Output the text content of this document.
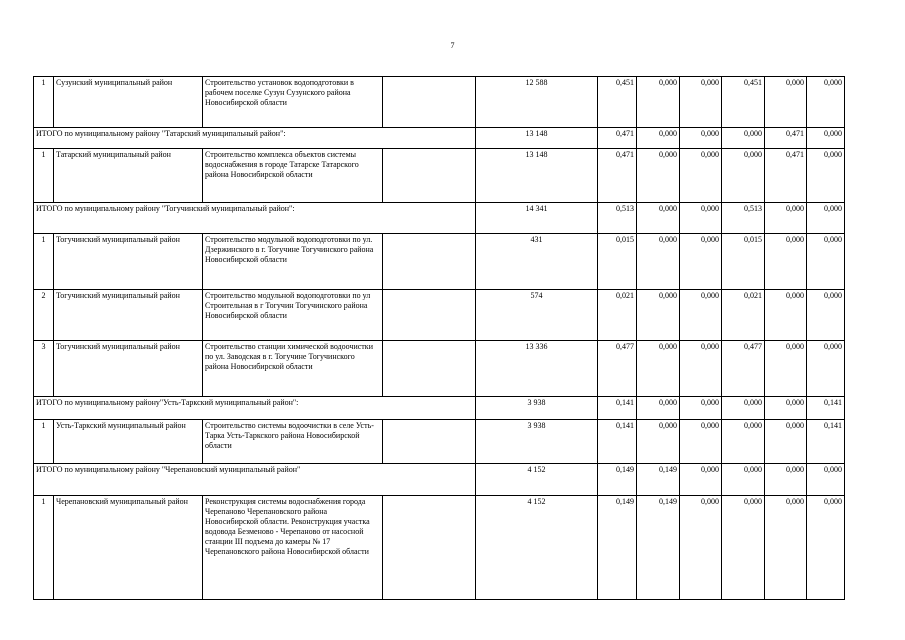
7
1	Сузунский муниципальный район	Строительство установок водоподготовки в рабочем поселке Сузун Сузунского района Новосибирской области		12 588	0,451	0,000	0,000	0,451	0,000	0,000	
ИТОГО по муниципальному району "Татарский муниципальный район":				13 148	0,471	0,000	0,000	0,000	0,471	0,000	
1	Татарский муниципальный район	Строительство комплекса объектов системы водоснабжения в городе Татарске Татарского района Новосибирской области		13 148	0,471	0,000	0,000	0,000	0,471	0,000	
ИТОГО по муниципальному району "Тогучинский муниципальный район":				14 341	0,513	0,000	0,000	0,513	0,000	0,000	
1	Тогучинский муниципальный район	Строительство модульной водоподготовки по ул. Дзержинского в г. Тогучине Тогучинского района Новосибирской области		431	0,015	0,000	0,000	0,015	0,000	0,000	
2	Тогучинский муниципальный район	Строительство модульной водоподготовки по ул Строительная в г Тогучин Тогучинского района Новосибирской области		574	0,021	0,000	0,000	0,021	0,000	0,000	
3	Тогучинский муниципальный район	Строительство станции химической водоочистки по ул. Заводская в г. Тогучине Тогучинского района Новосибирской области		13 336	0,477	0,000	0,000	0,477	0,000	0,000	
ИТОГО по муниципальному району"Усть-Таркский муниципальный район":				3 938	0,141	0,000	0,000	0,000	0,000	0,141	
1	Усть-Таркский муниципальный район	Строительство системы водоочистки в селе Усть-Тарка Усть-Таркского района Новосибирской области		3 938	0,141	0,000	0,000	0,000	0,000	0,141	
ИТОГО по муниципальному району "Черепановский муниципальный район"				4 152	0,149	0,149	0,000	0,000	0,000	0,000	
1	Черепановский муниципальный район	Реконструкция системы водоснабжения города Черепаново Черепановского района Новосибирской области. Реконструкция участка водовода Безменово - Черепаново от насосной станции III подъема до камеры № 17 Черепановского района Новосибирской области		4 152	0,149	0,149	0,000	0,000	0,000	0,000	
